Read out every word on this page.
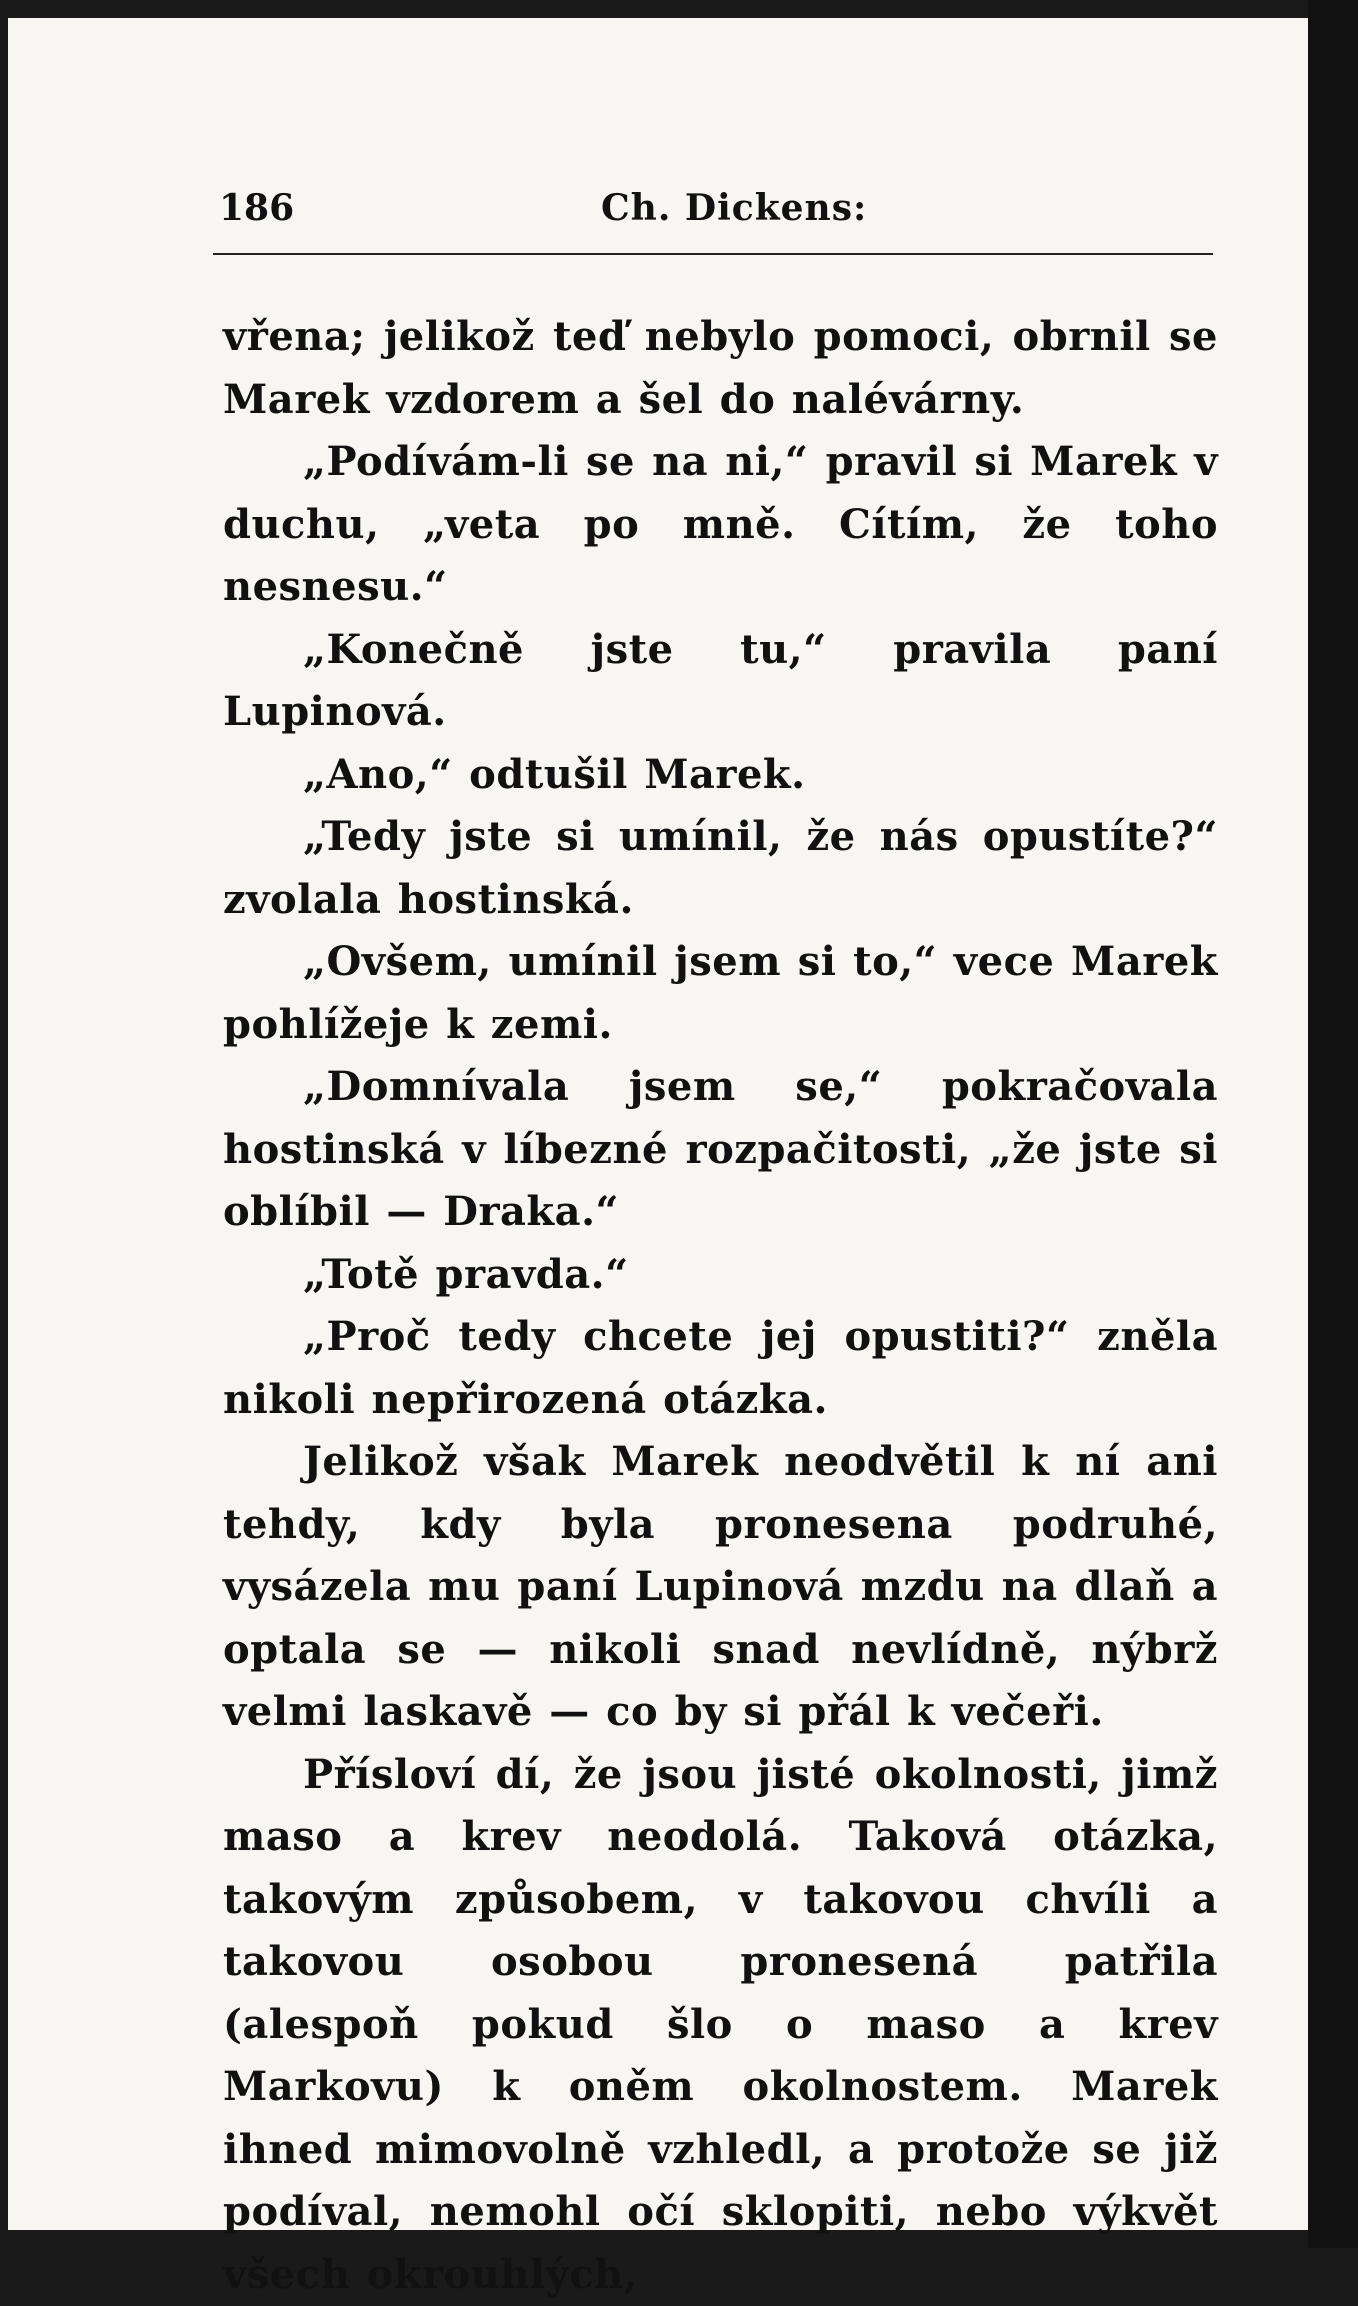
186	Ch. Dickens:

vřena; jelikož teď nebylo pomoci, obrnil se Marek vzdorem a šel do nalévárny.

„Podívám-li se na ni,“ pravil si Marek v duchu, „veta po mně. Cítím, že toho nesnesu.“

„Konečně jste tu,“ pravila paní Lupinová.

„Ano,“ odtušil Marek.

„Tedy jste si umínil, že nás opustíte?“ zvolala hostinská.

„Ovšem, umínil jsem si to,“ vece Marek pohlížeje k zemi.

„Domnívala jsem se,“ pokračovala hostinská v líbezné rozpačitosti, „že jste si oblíbil — Draka.“

„Totě pravda.“

„Proč tedy chcete jej opustiti?“ zněla nikoli nepřirozená otázka.

Jelikož však Marek neodvětil k ní ani tehdy, kdy byla pronesena podruhé, vysázela mu paní Lupinová mzdu na dlaň a optala se — nikoli snad nevlídně, nýbrž velmi laskavě — co by si přál k večeři.

Přísloví dí, že jsou jisté okolnosti, jimž maso a krev neodolá. Taková otázka, takovým způsobem, v takovou chvíli a takovou osobou pronesená patřila (alespoň pokud šlo o maso a krev Markovu) k oněm okolnostem. Marek ihned mimovolně vzhledl, a protože se již podíval, nemohl očí sklopiti, nebo výkvět všech okrouhlých,
